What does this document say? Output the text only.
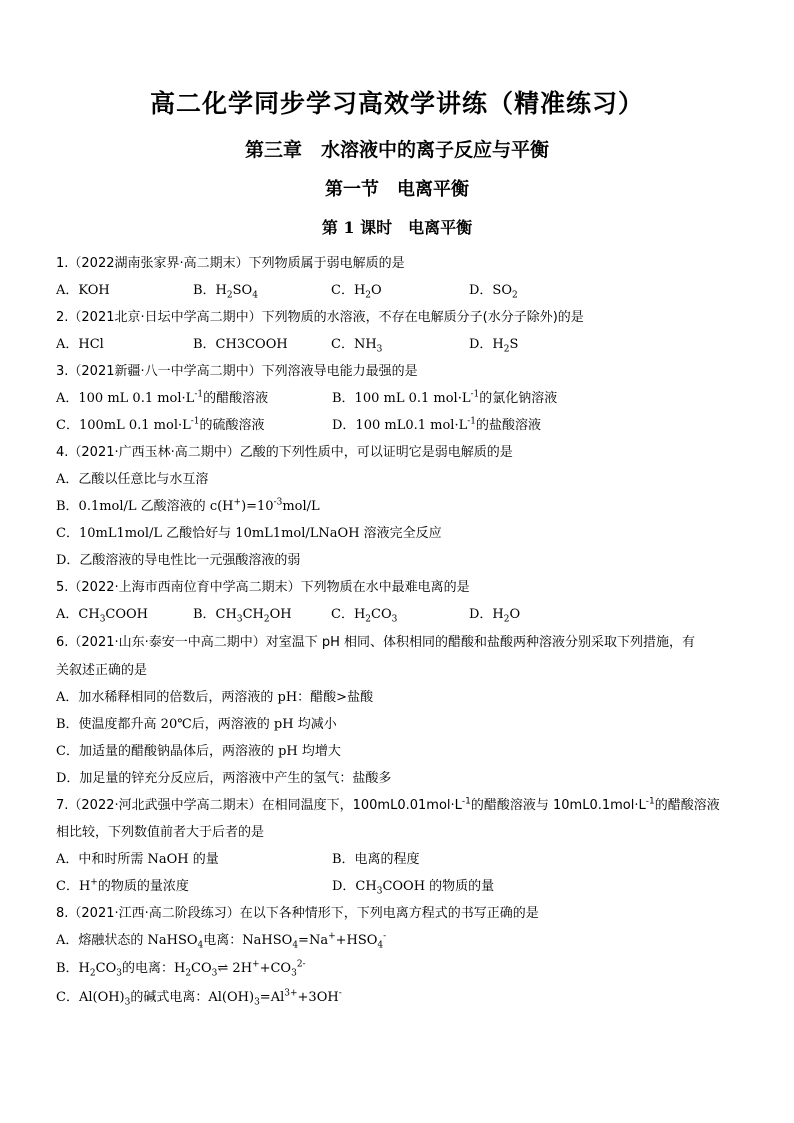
高二化学同步学习高效学讲练（精准练习）
第三章　水溶液中的离子反应与平衡
第一节　电离平衡
第 1 课时　电离平衡
1.（2022湖南张家界·高二期末）下列物质属于弱电解质的是
A．KOH	B．$H_2SO_4$	C．$H_2O$	D．$SO_2$
2.（2021北京·日坛中学高二期中）下列物质的水溶液，不存在电解质分子(水分子除外)的是
A．HCl	B．CH3COOH	C．$NH_3$	D．$H_2S$
3.（2021新疆·八一中学高二期中）下列溶液导电能力最强的是
A．100 mL 0.1 $mol\cdot L^{-1}$的醋酸溶液	B．100 mL 0.1 $mol\cdot L^{-1}$的氯化钠溶液
C．100mL 0.1 $mol\cdot L^{-1}$的硫酸溶液	D．100 mL0.1 $mol\cdot L^{-1}$的盐酸溶液
4.（2021·广西玉林·高二期中）乙酸的下列性质中，可以证明它是弱电解质的是
A．乙酸以任意比与水互溶
B．0.1mol/L 乙酸溶液的 $c(H^+)=10^{-3}mol/L$
C．10mL1mol/L 乙酸恰好与 10mL1mol/LNaOH 溶液完全反应
D．乙酸溶液的导电性比一元强酸溶液的弱
5.（2022·上海市西南位育中学高二期末）下列物质在水中最难电离的是
A．$CH_3COOH$	B．$CH_3CH_2OH$	C．$H_2CO_3$	D．$H_2O$
6.（2021·山东·泰安一中高二期中）对室温下 pH 相同、体积相同的醋酸和盐酸两种溶液分别采取下列措施，有
关叙述正确的是
A．加水稀释相同的倍数后，两溶液的 pH：醋酸>盐酸
B．使温度都升高 20℃后，两溶液的 pH 均减小
C．加适量的醋酸钠晶体后，两溶液的 pH 均增大
D．加足量的锌充分反应后，两溶液中产生的氢气：盐酸多
7.（2022·河北武强中学高二期末）在相同温度下，$100mL0.01mol\cdot L^{-1}$的醋酸溶液与 $10mL0.1mol\cdot L^{-1}$的醋酸溶液
相比较，下列数值前者大于后者的是
A．中和时所需 NaOH 的量	B．电离的程度
C．H+的物质的量浓度	D．$CH_3COOH$ 的物质的量
8.（2021·江西·高二阶段练习）在以下各种情形下，下列电离方程式的书写正确的是
A．熔融状态的 NaHSO$_4$电离：$NaHSO_4=Na^++HSO_4^-$
B．$H_2CO_3$的电离：$H_2CO_3\rightleftharpoons$ $2H^++CO_3^{2-}$
C．$Al(OH)_3$的碱式电离：$Al(OH)_3=Al^{3+}+3OH^-$
